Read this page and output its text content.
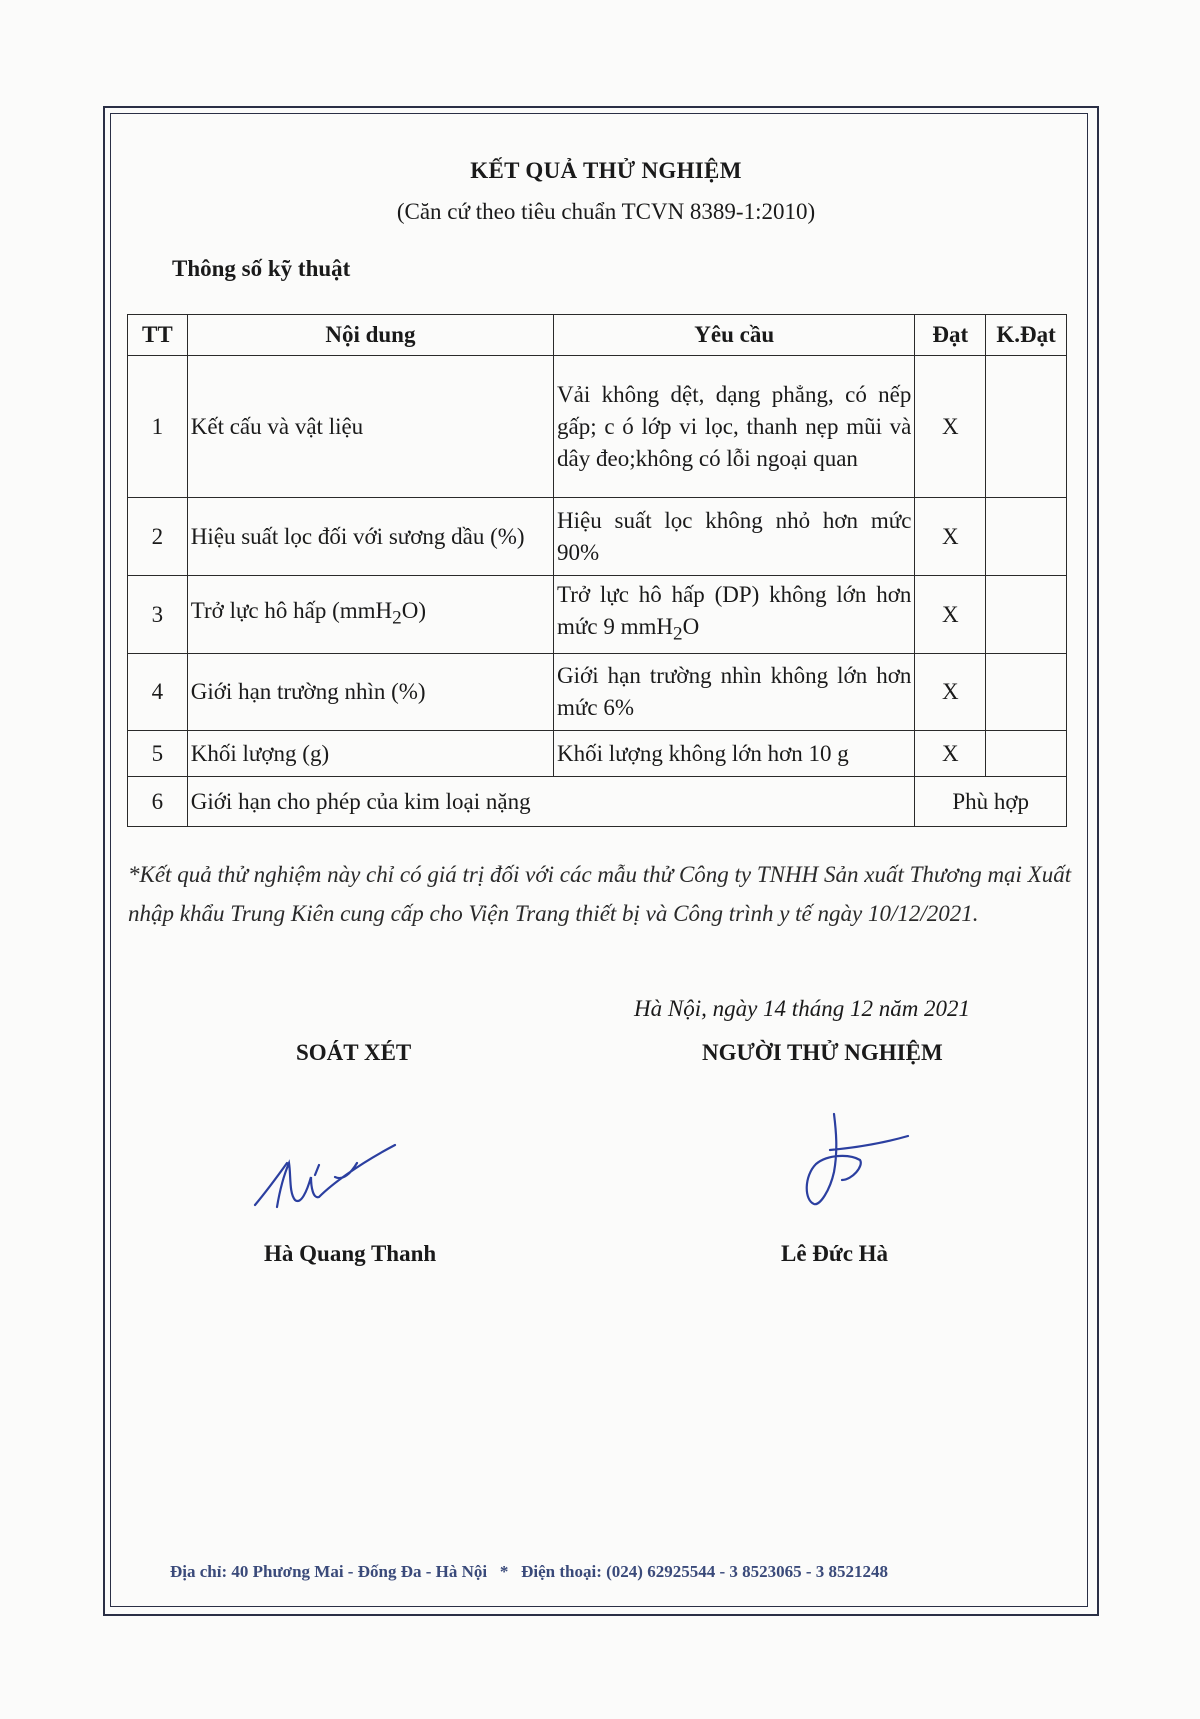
KẾT QUẢ THỬ NGHIỆM
(Căn cứ theo tiêu chuẩn TCVN 8389-1:2010)
Thông số kỹ thuật
TT	Nội dung	Yêu cầu	Đạt	K.Đạt
1	Kết cấu và vật liệu	Vải không dệt, dạng phẳng, có nếp gấp; c ó lớp vi lọc, thanh nẹp mũi và dây đeo;không có lỗi ngoại quan	X	
2	Hiệu suất lọc đối với sương dầu (%)	Hiệu suất lọc không nhỏ hơn mức 90%	X	
3	Trở lực hô hấp (mmH$_2$O)	Trở lực hô hấp (DP) không lớn hơn mức 9 mmH$_2$O	X	
4	Giới hạn trường nhìn (%)	Giới hạn trường nhìn không lớn hơn mức 6%	X	
5	Khối lượng (g)	Khối lượng không lớn hơn 10 g	X	
6	Giới hạn cho phép của kim loại nặng		Phù hợp	
*Kết quả thử nghiệm này chỉ có giá trị đối với các mẫu thử Công ty TNHH Sản xuất Thương mại Xuất nhập khẩu Trung Kiên cung cấp cho Viện Trang thiết bị và Công trình y tế ngày 10/12/2021.
Hà Nội, ngày 14 tháng 12 năm 2021
SOÁT XÉT	NGƯỜI THỬ NGHIỆM
Hà Quang Thanh	Lê Đức Hà
Địa chỉ: 40 Phương Mai - Đống Đa - Hà Nội * Điện thoại: (024) 62925544 - 3 8523065 - 3 8521248
